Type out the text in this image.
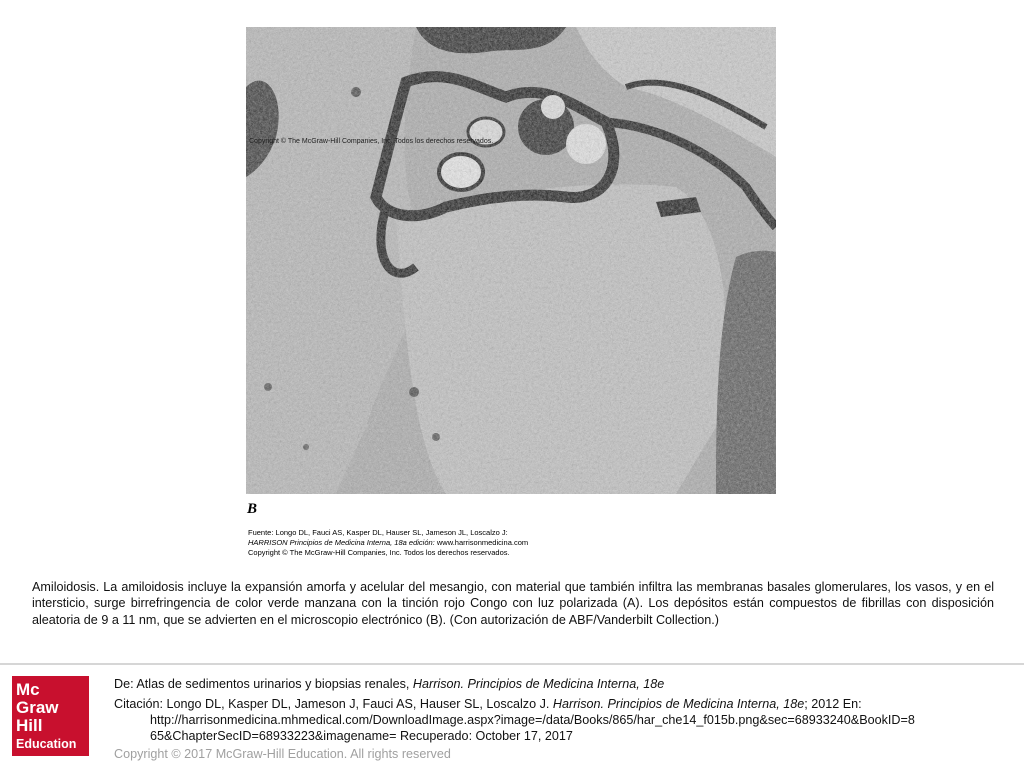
Copyright © The McGraw-Hill Companies, Inc. Todos los derechos reservados.
B
Fuente: Longo DL, Fauci AS, Kasper DL, Hauser SL, Jameson JL, Loscalzo J:
HARRISON Principios de Medicina Interna, 18a edición: www.harrisonmedicina.com
Copyright © The McGraw-Hill Companies, Inc. Todos los derechos reservados.
Amiloidosis. La amiloidosis incluye la expansión amorfa y acelular del mesangio, con material que también infiltra las membranas basales glomerulares, los vasos, y en el intersticio, surge birrefringencia de color verde manzana con la tinción rojo Congo con luz polarizada (A). Los depósitos están compuestos de fibrillas con disposición aleatoria de 9 a 11 nm, que se advierten en el microscopio electrónico (B). (Con autorización de ABF/Vanderbilt Collection.)
Mc
Graw
Hill
Education
De: Atlas de sedimentos urinarios y biopsias renales, Harrison. Principios de Medicina Interna, 18e
Citación: Longo DL, Kasper DL, Jameson J, Fauci AS, Hauser SL, Loscalzo J. Harrison. Principios de Medicina Interna, 18e; 2012 En:
http://harrisonmedicina.mhmedical.com/DownloadImage.aspx?image=/data/Books/865/har_che14_f015b.png&sec=68933240&BookID=8
65&ChapterSecID=68933223&imagename= Recuperado: October 17, 2017
Copyright © 2017 McGraw-Hill Education. All rights reserved
